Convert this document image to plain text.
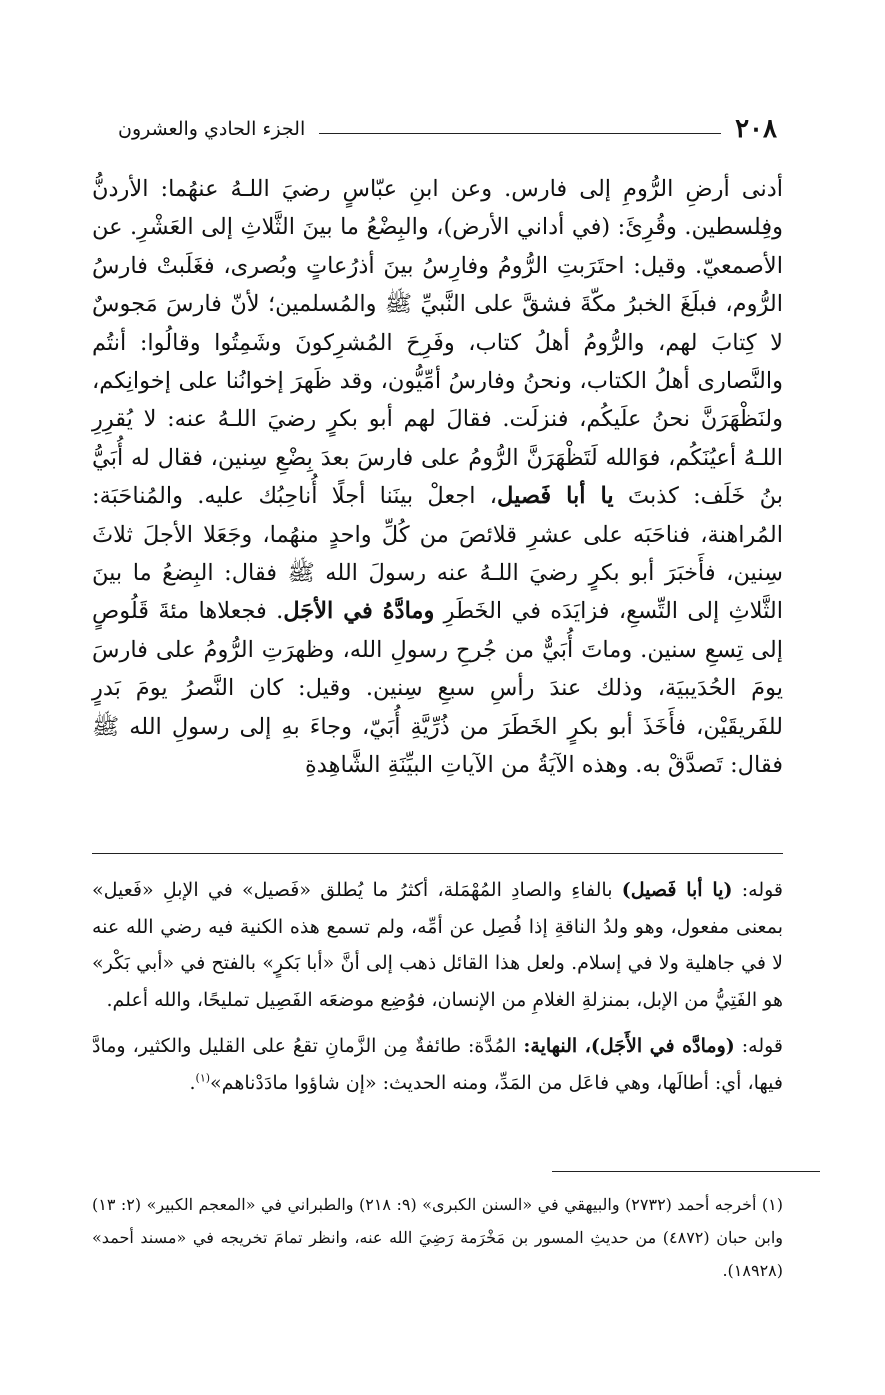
٢٠٨
الجزء الحادي والعشرون

أدنى أرضِ الرُّومِ إلى فارس. وعن ابنِ عبّاسٍ رضيَ اللـهُ عنهُما: الأردنُّ وفِلسطين. وقُرِئَ: (في أداني الأرض)، والبِضْعُ ما بينَ الثَّلاثِ إلى العَشْرِ. عن الأصمعيّ. وقيل: احتَرَبتِ الرُّومُ وفارِسُ بينَ أذرُعاتٍ وبُصرى، فغَلَبتْ فارسُ الرُّوم، فبلَغَ الخبرُ مكّةَ فشقَّ على النَّبيِّ ﷺ والمُسلمين؛ لأنّ فارسَ مَجوسٌ لا كِتابَ لهم، والرُّومُ أهلُ كتاب، وفَرِحَ المُشرِكونَ وشَمِتُوا وقالُوا: أنتُم والنَّصارى أهلُ الكتاب، ونحنُ وفارسُ أمِّيُّون، وقد ظَهرَ إخوانُنا على إخوانِكم، ولنَظْهَرَنَّ نحنُ علَيكُم، فنزلَت. فقالَ لهم أبو بكرٍ رضيَ اللـهُ عنه: لا يُقرِرِ اللـهُ أعيُنَكُم، فوَالله لَتَظْهَرَنَّ الرُّومُ على فارسَ بعدَ بِضْعِ سِنين، فقال له أُبَيُّ بنُ خَلَف: كذبتَ يا أبا فَصيل، اجعلْ بينَنا أجلًا أُناحِبُك عليه. والمُناحَبَة: المُراهنة، فناحَبَه على عشرِ قلائصَ من كُلِّ واحدٍ منهُما، وجَعَلا الأجلَ ثلاثَ سِنين، فأَخبَرَ أبو بكرٍ رضيَ اللـهُ عنه رسولَ الله ﷺ فقال: البِضعُ ما بينَ الثَّلاثِ إلى التِّسعِ، فزايَدَه في الخَطَرِ ومادَّهُ في الأجَل. فجعلاها مئةَ قَلُوصٍ إلى تِسعِ سنين. وماتَ أُبَيٌّ من جُرحِ رسولِ الله، وظهرَتِ الرُّومُ على فارسَ يومَ الحُدَيبيَة، وذلك عندَ رأسِ سبعِ سِنين. وقيل: كان النَّصرُ يومَ بَدرٍ للفَريقَيْن، فأَخَذَ أبو بكرٍ الخَطَرَ من ذُرِّيَّةِ أُبَيّ، وجاءَ بهِ إلى رسولِ الله ﷺ فقال: تَصدَّقْ به. وهذه الآيَةُ من الآياتِ البيِّنَةِ الشَّاهِدةِ

قوله: (يا أبا فَصيل) بالفاءِ والصادِ المُهْمَلة، أكثرُ ما يُطلق «فَصيل» في الإبلِ «فَعيل» بمعنى مفعول، وهو ولدُ الناقةِ إذا فُصِل عن أمِّه، ولم تسمع هذه الكنية فيه رضي الله عنه لا في جاهلية ولا في إسلام. ولعل هذا القائل ذهب إلى أنَّ «أبا بَكرٍ» بالفتح في «أبي بَكْر» هو الفَتِيُّ من الإبل، بمنزلةِ الغلامِ من الإنسان، فوُضِع موضعَه الفَصِيل تمليحًا، والله أعلم.

قوله: (ومادَّه في الأَجَل)، النهاية: المُدَّة: طائفةٌ مِن الزَّمانِ تقعُ على القليل والكثير، ومادَّ فيها، أي: أطالَها، وهي فاعَل من المَدِّ، ومنه الحديث: «إن شاؤوا مادَدْناهم»$^{(١)}$.

(١) أخرجه أحمد (٢٧٣٢) والبيهقي في «السنن الكبرى» (٩: ٢١٨) والطبراني في «المعجم الكبير» (٢: ١٣) وابن حبان (٤٨٧٢) من حديثِ المسور بن مَخْرَمة رَضِيَ الله عنه، وانظر تمامَ تخريجه في «مسند أحمد» (١٨٩٢٨).
